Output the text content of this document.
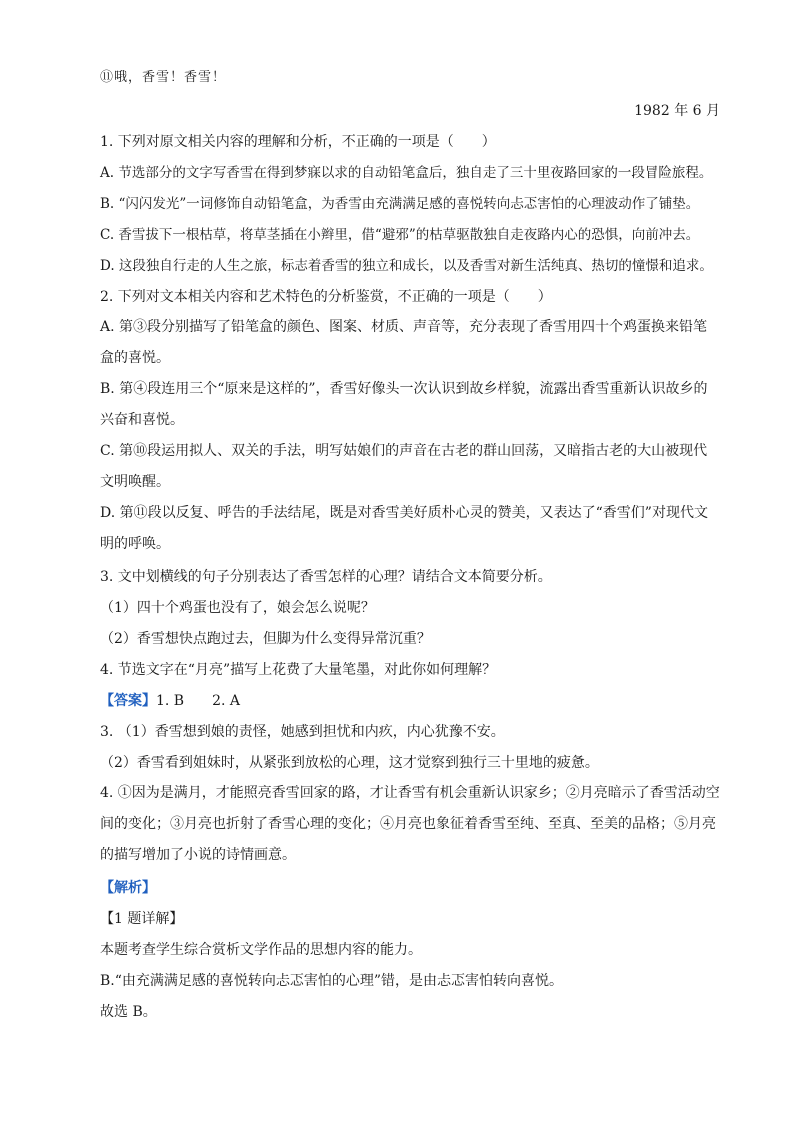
⑪哦，香雪！香雪！
1982 年 6 月
1. 下列对原文相关内容的理解和分析，不正确的一项是（　　）
A. 节选部分的文字写香雪在得到梦寐以求的自动铅笔盒后，独自走了三十里夜路回家的一段冒险旅程。
B. “闪闪发光”一词修饰自动铅笔盒，为香雪由充满满足感的喜悦转向忐忑害怕的心理波动作了铺垫。
C. 香雪拔下一根枯草，将草茎插在小辫里，借“避邪”的枯草驱散独自走夜路内心的恐惧，向前冲去。
D. 这段独自行走的人生之旅，标志着香雪的独立和成长，以及香雪对新生活纯真、热切的憧憬和追求。
2. 下列对文本相关内容和艺术特色的分析鉴赏，不正确的一项是（　　）
A. 第③段分别描写了铅笔盒的颜色、图案、材质、声音等，充分表现了香雪用四十个鸡蛋换来铅笔盒的喜悦。
B. 第④段连用三个“原来是这样的”，香雪好像头一次认识到故乡样貌，流露出香雪重新认识故乡的兴奋和喜悦。
C. 第⑩段运用拟人、双关的手法，明写姑娘们的声音在古老的群山回荡，又暗指古老的大山被现代文明唤醒。
D. 第⑪段以反复、呼告的手法结尾，既是对香雪美好质朴心灵的赞美，又表达了“香雪们”对现代文明的呼唤。
3. 文中划横线的句子分别表达了香雪怎样的心理？请结合文本简要分析。
（1）四十个鸡蛋也没有了，娘会怎么说呢？
（2）香雪想快点跑过去，但脚为什么变得异常沉重？
4. 节选文字在“月亮”描写上花费了大量笔墨，对此你如何理解？
【答案】1. B　　2. A
3. （1）香雪想到娘的责怪，她感到担忧和内疚，内心犹豫不安。
（2）香雪看到姐妹时，从紧张到放松的心理，这才觉察到独行三十里地的疲惫。
4. ①因为是满月，才能照亮香雪回家的路，才让香雪有机会重新认识家乡；②月亮暗示了香雪活动空间的变化；③月亮也折射了香雪心理的变化；④月亮也象征着香雪至纯、至真、至美的品格；⑤月亮的描写增加了小说的诗情画意。
【解析】
【1 题详解】
本题考查学生综合赏析文学作品的思想内容的能力。
B.“由充满满足感的喜悦转向忐忑害怕的心理”错，是由忐忑害怕转向喜悦。
故选 B。
